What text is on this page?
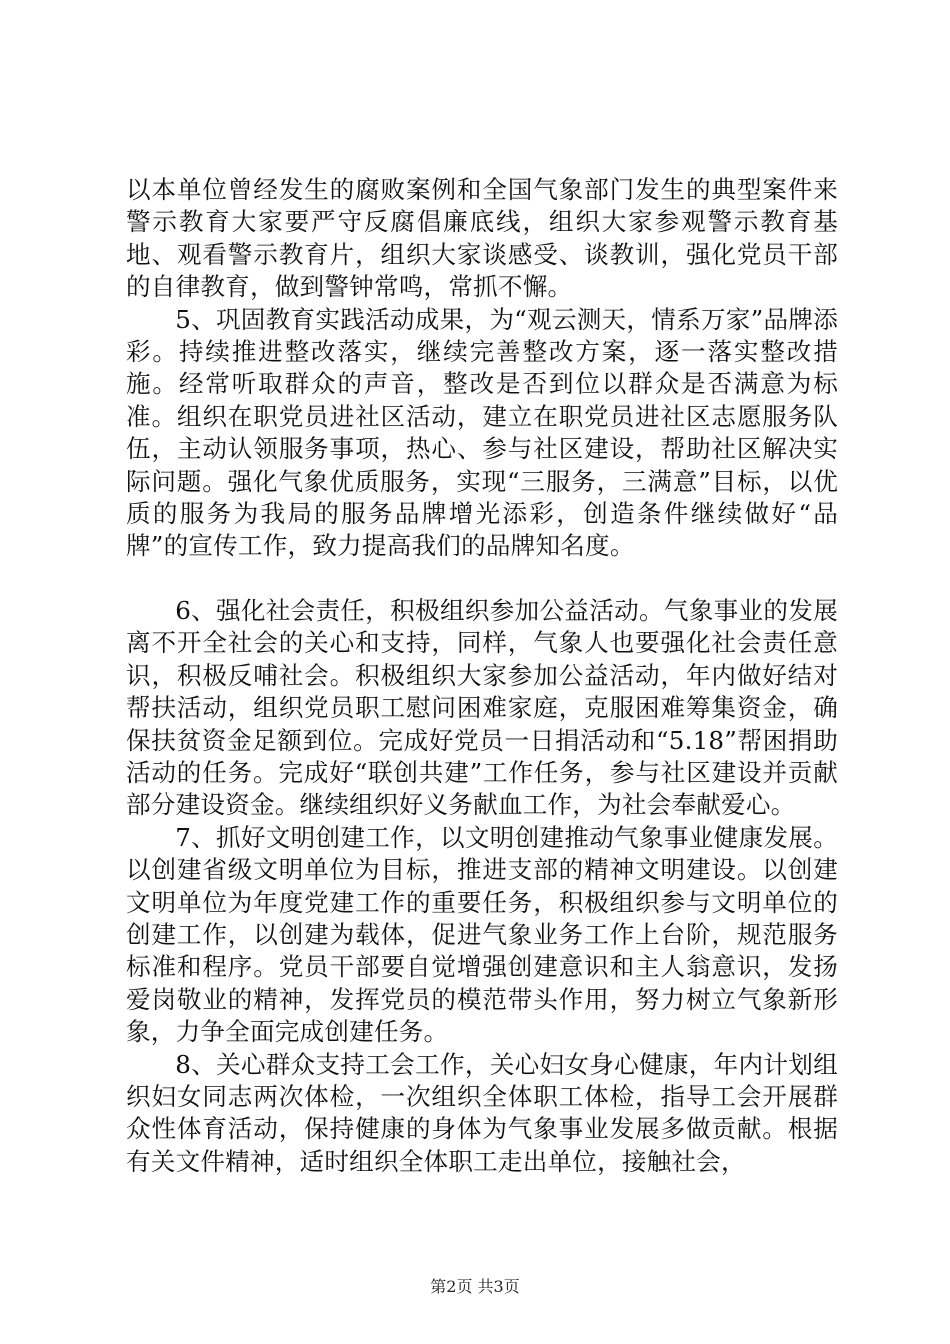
以本单位曾经发生的腐败案例和全国气象部门发生的典型案件来警示教育大家要严守反腐倡廉底线，组织大家参观警示教育基地、观看警示教育片，组织大家谈感受、谈教训，强化党员干部的自律教育，做到警钟常鸣，常抓不懈。

5、巩固教育实践活动成果，为“观云测天，情系万家”品牌添彩。持续推进整改落实，继续完善整改方案，逐一落实整改措施。经常听取群众的声音，整改是否到位以群众是否满意为标准。组织在职党员进社区活动，建立在职党员进社区志愿服务队伍，主动认领服务事项，热心、参与社区建设，帮助社区解决实际问题。强化气象优质服务，实现“三服务，三满意”目标，以优质的服务为我局的服务品牌增光添彩，创造条件继续做好“品牌”的宣传工作，致力提高我们的品牌知名度。

6、强化社会责任，积极组织参加公益活动。气象事业的发展离不开全社会的关心和支持，同样，气象人也要强化社会责任意识，积极反哺社会。积极组织大家参加公益活动，年内做好结对帮扶活动，组织党员职工慰问困难家庭，克服困难筹集资金，确保扶贫资金足额到位。完成好党员一日捐活动和“5.18”帮困捐助活动的任务。完成好“联创共建”工作任务，参与社区建设并贡献部分建设资金。继续组织好义务献血工作，为社会奉献爱心。

7、抓好文明创建工作，以文明创建推动气象事业健康发展。以创建省级文明单位为目标，推进支部的精神文明建设。以创建文明单位为年度党建工作的重要任务，积极组织参与文明单位的创建工作，以创建为载体，促进气象业务工作上台阶，规范服务标准和程序。党员干部要自觉增强创建意识和主人翁意识，发扬爱岗敬业的精神，发挥党员的模范带头作用，努力树立气象新形象，力争全面完成创建任务。

8、关心群众支持工会工作，关心妇女身心健康，年内计划组织妇女同志两次体检，一次组织全体职工体检，指导工会开展群众性体育活动，保持健康的身体为气象事业发展多做贡献。根据有关文件精神，适时组织全体职工走出单位，接触社会，

第2页 共3页
